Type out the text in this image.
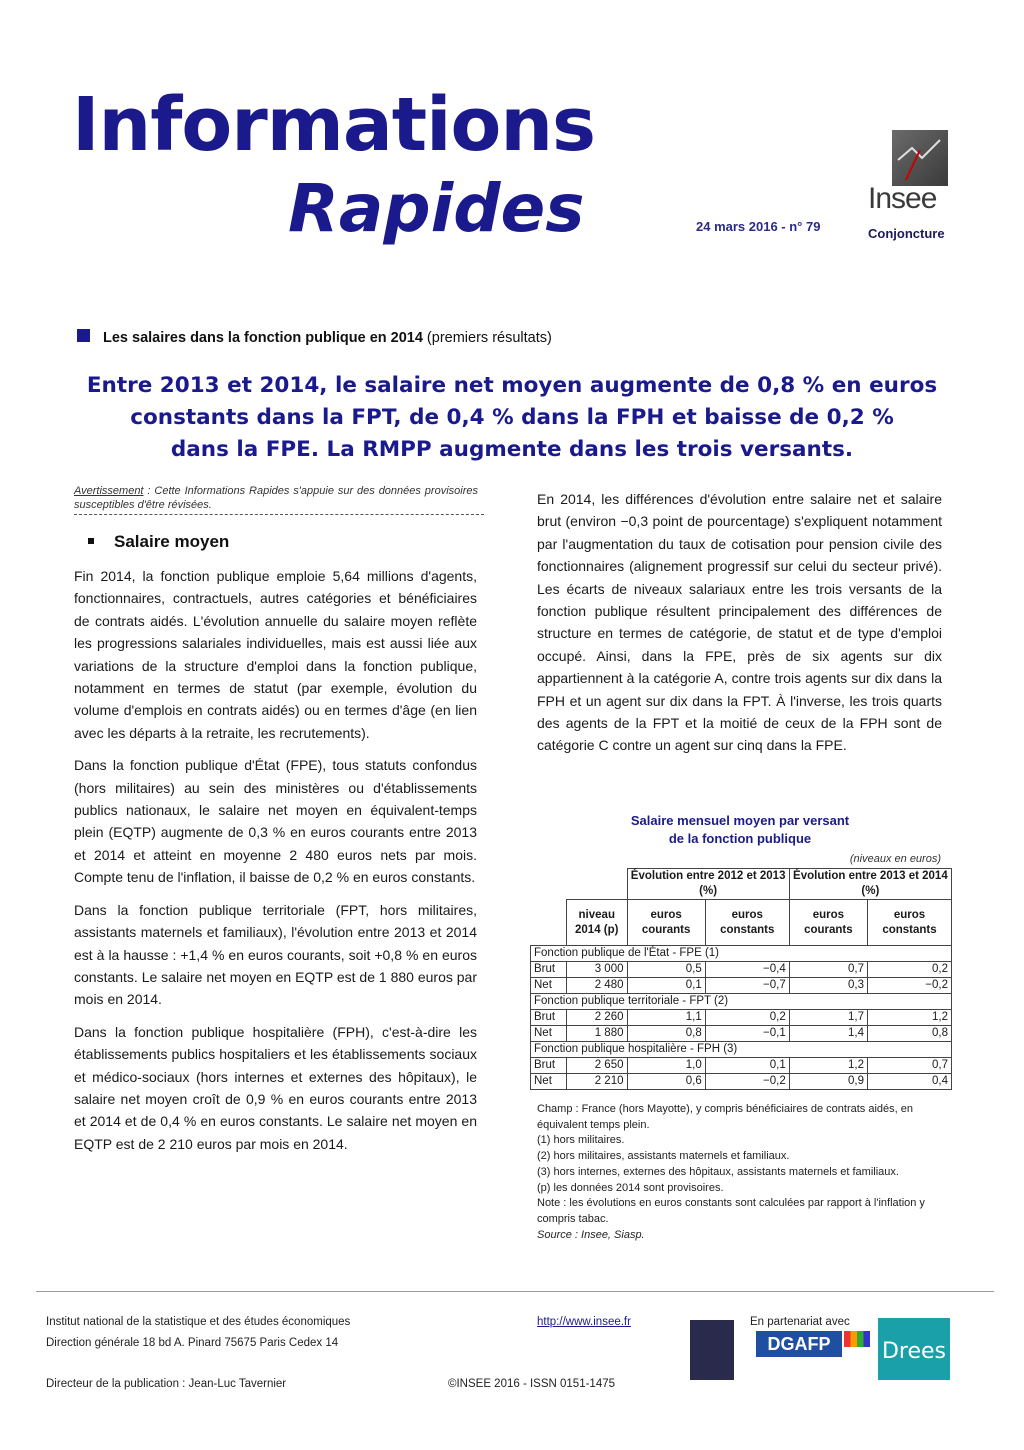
Informations
Rapides	24 mars 2016 - n° 79
Insee
Conjoncture
Les salaires dans la fonction publique en 2014 (premiers résultats)
Entre 2013 et 2014, le salaire net moyen augmente de 0,8 % en euros
constants dans la FPT, de 0,4 % dans la FPH et baisse de 0,2 %
dans la FPE. La RMPP augmente dans les trois versants.
Avertissement : Cette Informations Rapides s'appuie sur des données provisoires susceptibles d'être révisées.
Salaire moyen

Fin 2014, la fonction publique emploie 5,64 millions d'agents, fonctionnaires, contractuels, autres catégories et bénéficiaires de contrats aidés. L'évolution annuelle du salaire moyen reflète les progressions salariales individuelles, mais est aussi liée aux variations de la structure d'emploi dans la fonction publique, notamment en termes de statut (par exemple, évolution du volume d'emplois en contrats aidés) ou en termes d'âge (en lien avec les départs à la retraite, les recrutements).

Dans la fonction publique d'État (FPE), tous statuts confondus (hors militaires) au sein des ministères ou d'établissements publics nationaux, le salaire net moyen en équivalent-temps plein (EQTP) augmente de 0,3 % en euros courants entre 2013 et 2014 et atteint en moyenne 2 480 euros nets par mois. Compte tenu de l'inflation, il baisse de 0,2 % en euros constants.

Dans la fonction publique territoriale (FPT, hors militaires, assistants maternels et familiaux), l'évolution entre 2013 et 2014 est à la hausse : +1,4 % en euros courants, soit +0,8 % en euros constants. Le salaire net moyen en EQTP est de 1 880 euros par mois en 2014.

Dans la fonction publique hospitalière (FPH), c'est-à-dire les établissements publics hospitaliers et les établissements sociaux et médico-sociaux (hors internes et externes des hôpitaux), le salaire net moyen croît de 0,9 % en euros courants entre 2013 et 2014 et de 0,4 % en euros constants. Le salaire net moyen en EQTP est de 2 210 euros par mois en 2014.

En 2014, les différences d'évolution entre salaire net et salaire brut (environ −0,3 point de pourcentage) s'expliquent notamment par l'augmentation du taux de cotisation pour pension civile des fonctionnaires (alignement progressif sur celui du secteur privé). Les écarts de niveaux salariaux entre les trois versants de la fonction publique résultent principalement des différences de structure en termes de catégorie, de statut et de type d'emploi occupé. Ainsi, dans la FPE, près de six agents sur dix appartiennent à la catégorie A, contre trois agents sur dix dans la FPH et un agent sur dix dans la FPT. À l'inverse, les trois quarts des agents de la FPT et la moitié de ceux de la FPH sont de catégorie C contre un agent sur cinq dans la FPE.

Salaire mensuel moyen par versant
de la fonction publique
(niveaux en euros)
		Évolution entre 2012 et 2013 (%)		Évolution entre 2013 et 2014 (%)	
	niveau 2014 (p)	euros courants	euros constants	euros courants	euros constants
Fonction publique de l'État - FPE (1)					
Brut	3 000	0,5	−0,4	0,7	0,2
Net	2 480	0,1	−0,7	0,3	−0,2
Fonction publique territoriale - FPT (2)					
Brut	2 260	1,1	0,2	1,7	1,2
Net	1 880	0,8	−0,1	1,4	0,8
Fonction publique hospitalière - FPH (3)					
Brut	2 650	1,0	0,1	1,2	0,7
Net	2 210	0,6	−0,2	0,9	0,4
Champ : France (hors Mayotte), y compris bénéficiaires de contrats aidés, en équivalent temps plein.
(1) hors militaires.
(2) hors militaires, assistants maternels et familiaux.
(3) hors internes, externes des hôpitaux, assistants maternels et familiaux.
(p) les données 2014 sont provisoires.
Note : les évolutions en euros constants sont calculées par rapport à l'inflation y compris tabac.
Source : Insee, Siasp.
Institut national de la statistique et des études économiques
Direction générale 18 bd A. Pinard 75675 Paris Cedex 14
Directeur de la publication : Jean-Luc Tavernier
http://www.insee.fr
©INSEE 2016 - ISSN 0151-1475
En partenariat avec
DGAFP	Drees
